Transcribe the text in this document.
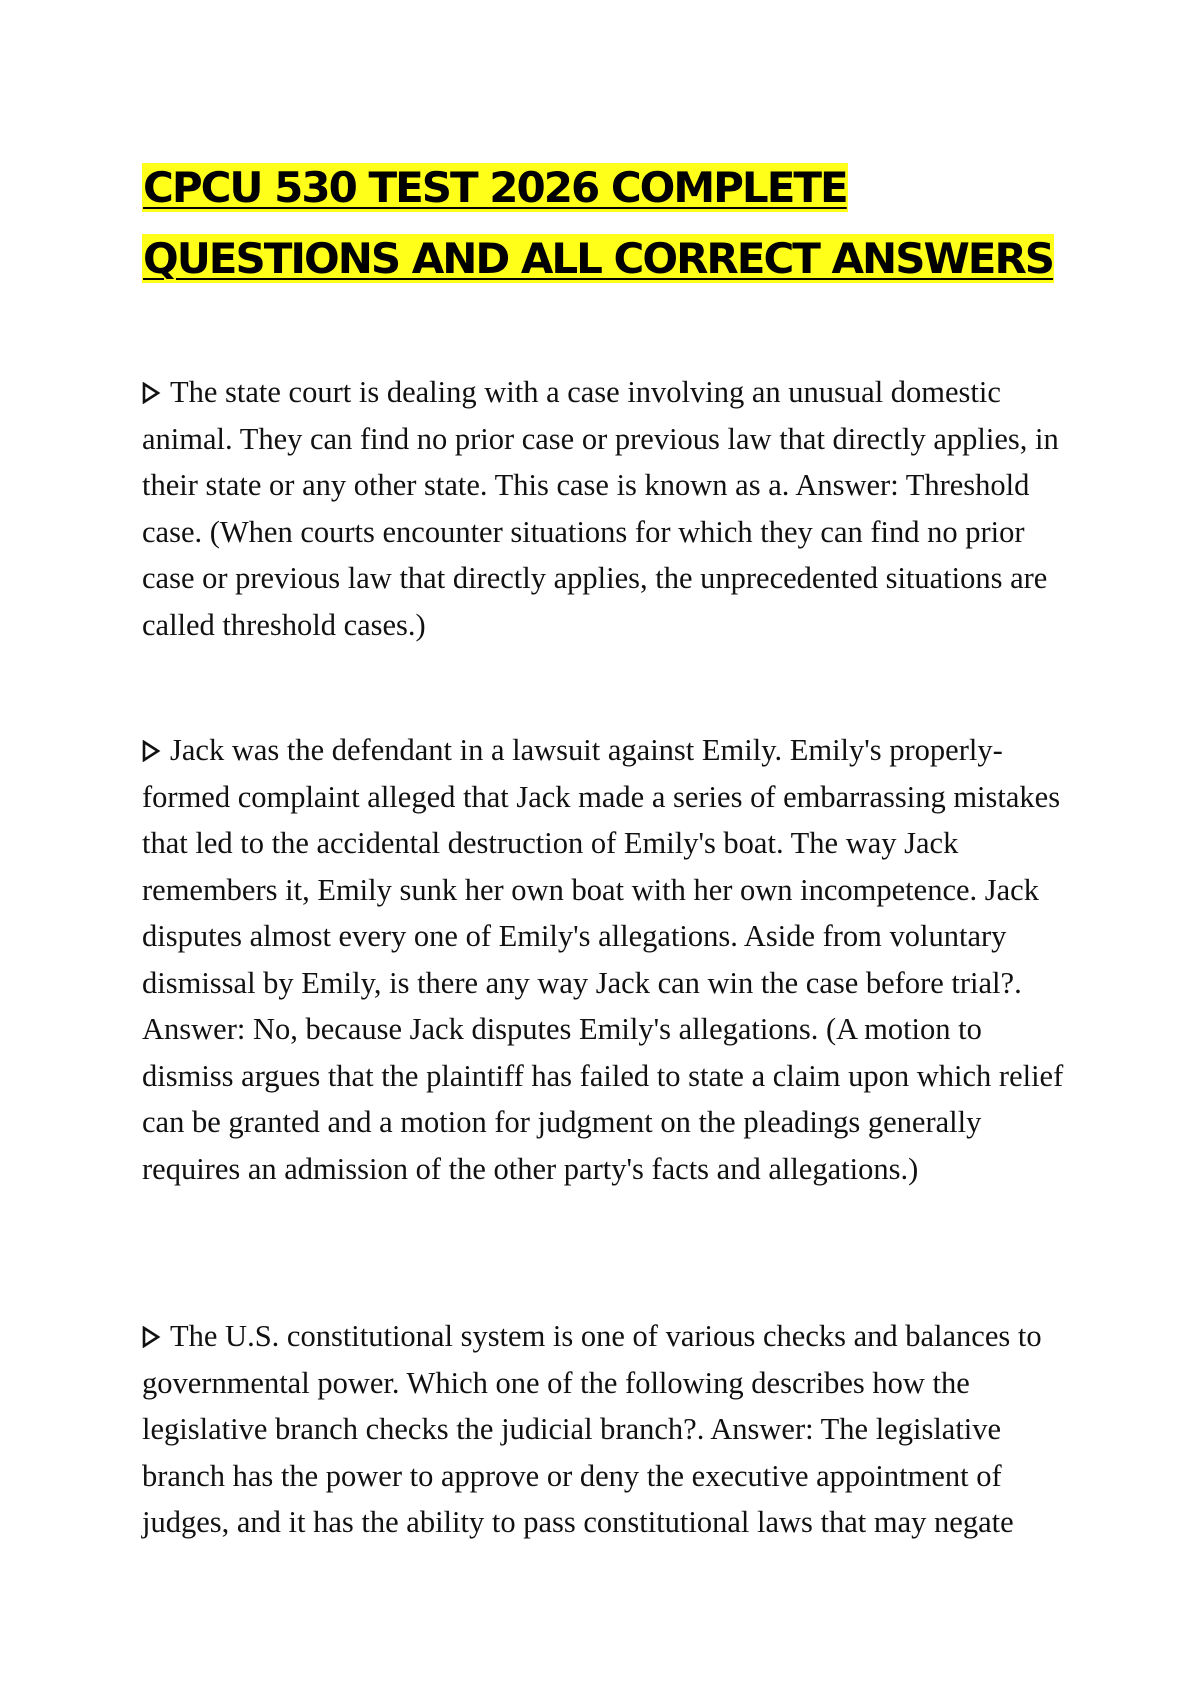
CPCU 530 TEST 2026 COMPLETE
QUESTIONS AND ALL CORRECT ANSWERS

The state court is dealing with a case involving an unusual domestic animal. They can find no prior case or previous law that directly applies, in their state or any other state. This case is known as a. Answer: Threshold case. (When courts encounter situations for which they can find no prior case or previous law that directly applies, the unprecedented situations are called threshold cases.)

Jack was the defendant in a lawsuit against Emily. Emily's properly-formed complaint alleged that Jack made a series of embarrassing mistakes that led to the accidental destruction of Emily's boat. The way Jack remembers it, Emily sunk her own boat with her own incompetence. Jack disputes almost every one of Emily's allegations. Aside from voluntary dismissal by Emily, is there any way Jack can win the case before trial?. Answer: No, because Jack disputes Emily's allegations. (A motion to dismiss argues that the plaintiff has failed to state a claim upon which relief can be granted and a motion for judgment on the pleadings generally requires an admission of the other party's facts and allegations.)

The U.S. constitutional system is one of various checks and balances to governmental power. Which one of the following describes how the legislative branch checks the judicial branch?. Answer: The legislative branch has the power to approve or deny the executive appointment of judges, and it has the ability to pass constitutional laws that may negate
